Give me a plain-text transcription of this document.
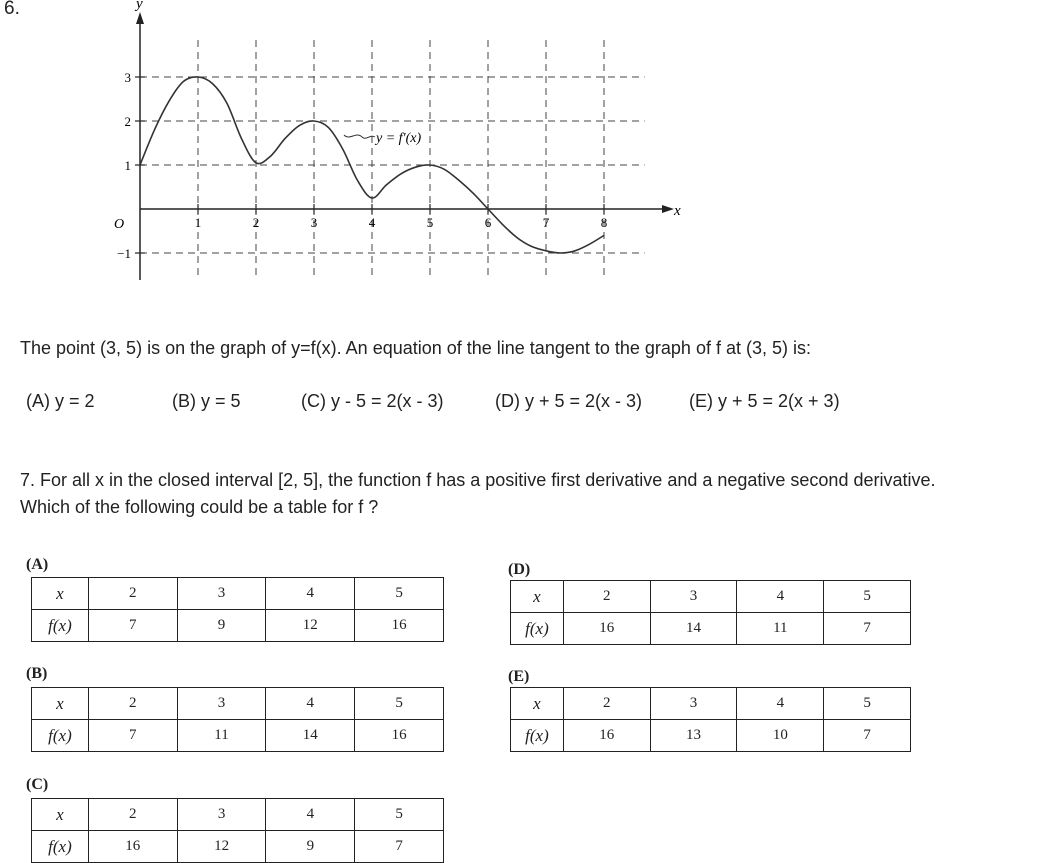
6.
1	2	3	4	5	6	7	8
3
2
1
−1
y
x
O
y = f′(x)
The point (3, 5) is on the graph of y=f(x). An equation of the line tangent to the graph of f at (3, 5) is:
(A) y = 2	(B) y = 5	(C) y - 5 = 2(x - 3)	(D) y + 5 = 2(x - 3)	(E) y + 5 = 2(x + 3)
7. For all x in the closed interval [2, 5], the function f has a positive first derivative and a negative second derivative.
Which of the following could be a table for f ?
(A)
x	2	3	4	5
f(x)	7	9	12	16
(B)
x	2	3	4	5
f(x)	7	11	14	16
(C)
x	2	3	4	5
f(x)	16	12	9	7
(D)
x	2	3	4	5
f(x)	16	14	11	7
(E)
x	2	3	4	5
f(x)	16	13	10	7
